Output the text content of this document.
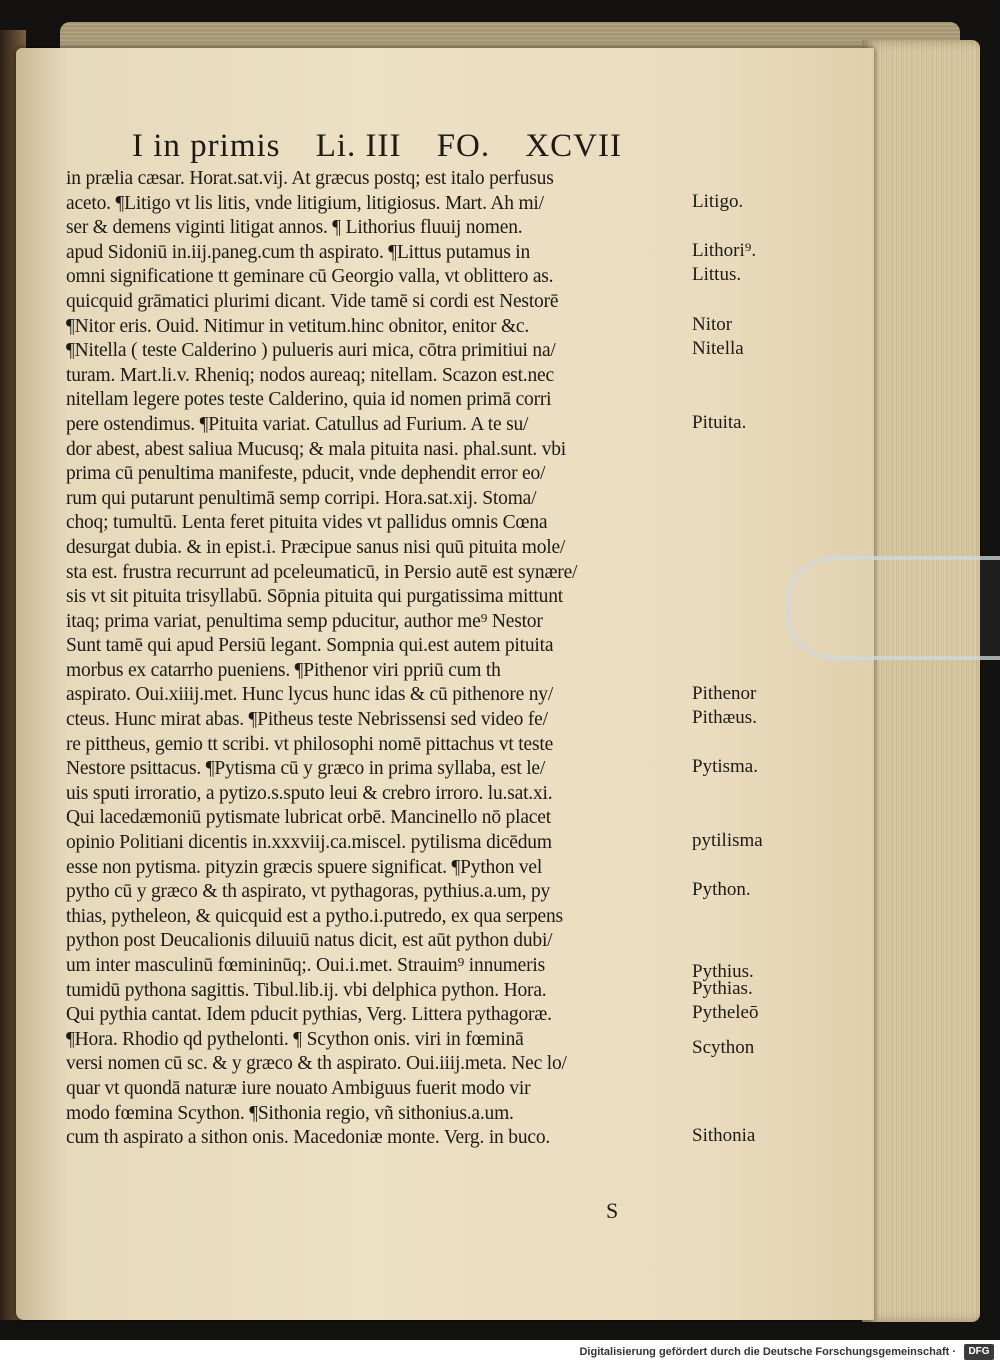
I in primis Li. III FO. XCVII
in prælia cæsar. Horat.sat.vij. At græcus postq; est italo perfusus
aceto. ¶Litigo vt lis litis, vnde litigium, litigiosus. Mart. Ah mi/
ser & demens viginti litigat annos. ¶ Lithorius fluuij nomen.
apud Sidoniū in.iij.paneg.cum th aspirato. ¶Littus putamus in
omni significatione tt geminare cū Georgio valla, vt oblittero as.
quicquid grāmatici plurimi dicant. Vide tamē si cordi est Nestorē
¶Nitor eris. Ouid. Nitimur in vetitum.hinc obnitor, enitor &c.
¶Nitella ( teste Calderino ) pulueris auri mica, cōtra primitiui na/
turam. Mart.li.v. Rheniq; nodos aureaq; nitellam. Scazon est.nec
nitellam legere potes teste Calderino, quia id nomen primā corri
pere ostendimus. ¶Pituita variat. Catullus ad Furium. A te su/
dor abest, abest saliua Mucusq; & mala pituita nasi. phal.sunt. vbi
prima cū penultima manifeste, pducit, vnde dephendit error eo/
rum qui putarunt penultimā semp corripi. Hora.sat.xij. Stoma/
choq; tumultū. Lenta feret pituita vides vt pallidus omnis Cœna
desurgat dubia. & in epist.i. Præcipue sanus nisi quū pituita mole/
sta est. frustra recurrunt ad pceleumaticū, in Persio autē est synære/
sis vt sit pituita trisyllabū. Sōpnia pituita qui purgatissima mittunt
itaq; prima variat, penultima semp pducitur, author me⁹ Nestor
Sunt tamē qui apud Persiū legant. Sompnia qui.est autem pituita
morbus ex catarrho pueniens. ¶Pithenor viri ppriū cum th
aspirato. Oui.xiiij.met. Hunc lycus hunc idas & cū pithenore ny/
cteus. Hunc mirat abas. ¶Pitheus teste Nebrissensi sed video fe/
re pittheus, gemio tt scribi. vt philosophi nomē pittachus vt teste
Nestore psittacus. ¶Pytisma cū y græco in prima syllaba, est le/
uis sputi irroratio, a pytizo.s.sputo leui & crebro irroro. lu.sat.xi.
Qui lacedæmoniū pytismate lubricat orbē. Mancinello nō placet
opinio Politiani dicentis in.xxxviij.ca.miscel. pytilisma dicēdum
esse non pytisma. pityzin græcis spuere significat. ¶Python vel
pytho cū y græco & th aspirato, vt pythagoras, pythius.a.um, py
thias, pytheleon, & quicquid est a pytho.i.putredo, ex qua serpens
python post Deucalionis diluuiū natus dicit, est aūt python dubi/
um inter masculinū fœmininūq;. Oui.i.met. Strauim⁹ innumeris
tumidū pythona sagittis. Tibul.lib.ij. vbi delphica python. Hora.
Qui pythia cantat. Idem pducit pythias, Verg. Littera pythagoræ.
¶Hora. Rhodio qd pythelonti. ¶ Scython onis. viri in fœminā
versi nomen cū sc. & y græco & th aspirato. Oui.iiij.meta. Nec lo/
quar vt quondā naturæ iure nouato Ambiguus fuerit modo vir
modo fœmina Scython. ¶Sithonia regio, vñ sithonius.a.um.
cum th aspirato a sithon onis. Macedoniæ monte. Verg. in buco.
Litigo.
Lithori⁹.
Littus.
Nitor
Nitella
Pituita.
Pithenor
Pithæus.
Pytisma.
pytilisma
Python.
Pythius.
Pythias.
Pytheleō
Scython
Sithonia
S
Digitalisierung gefördert durch die Deutsche Forschungsgemeinschaft ·	DFG
